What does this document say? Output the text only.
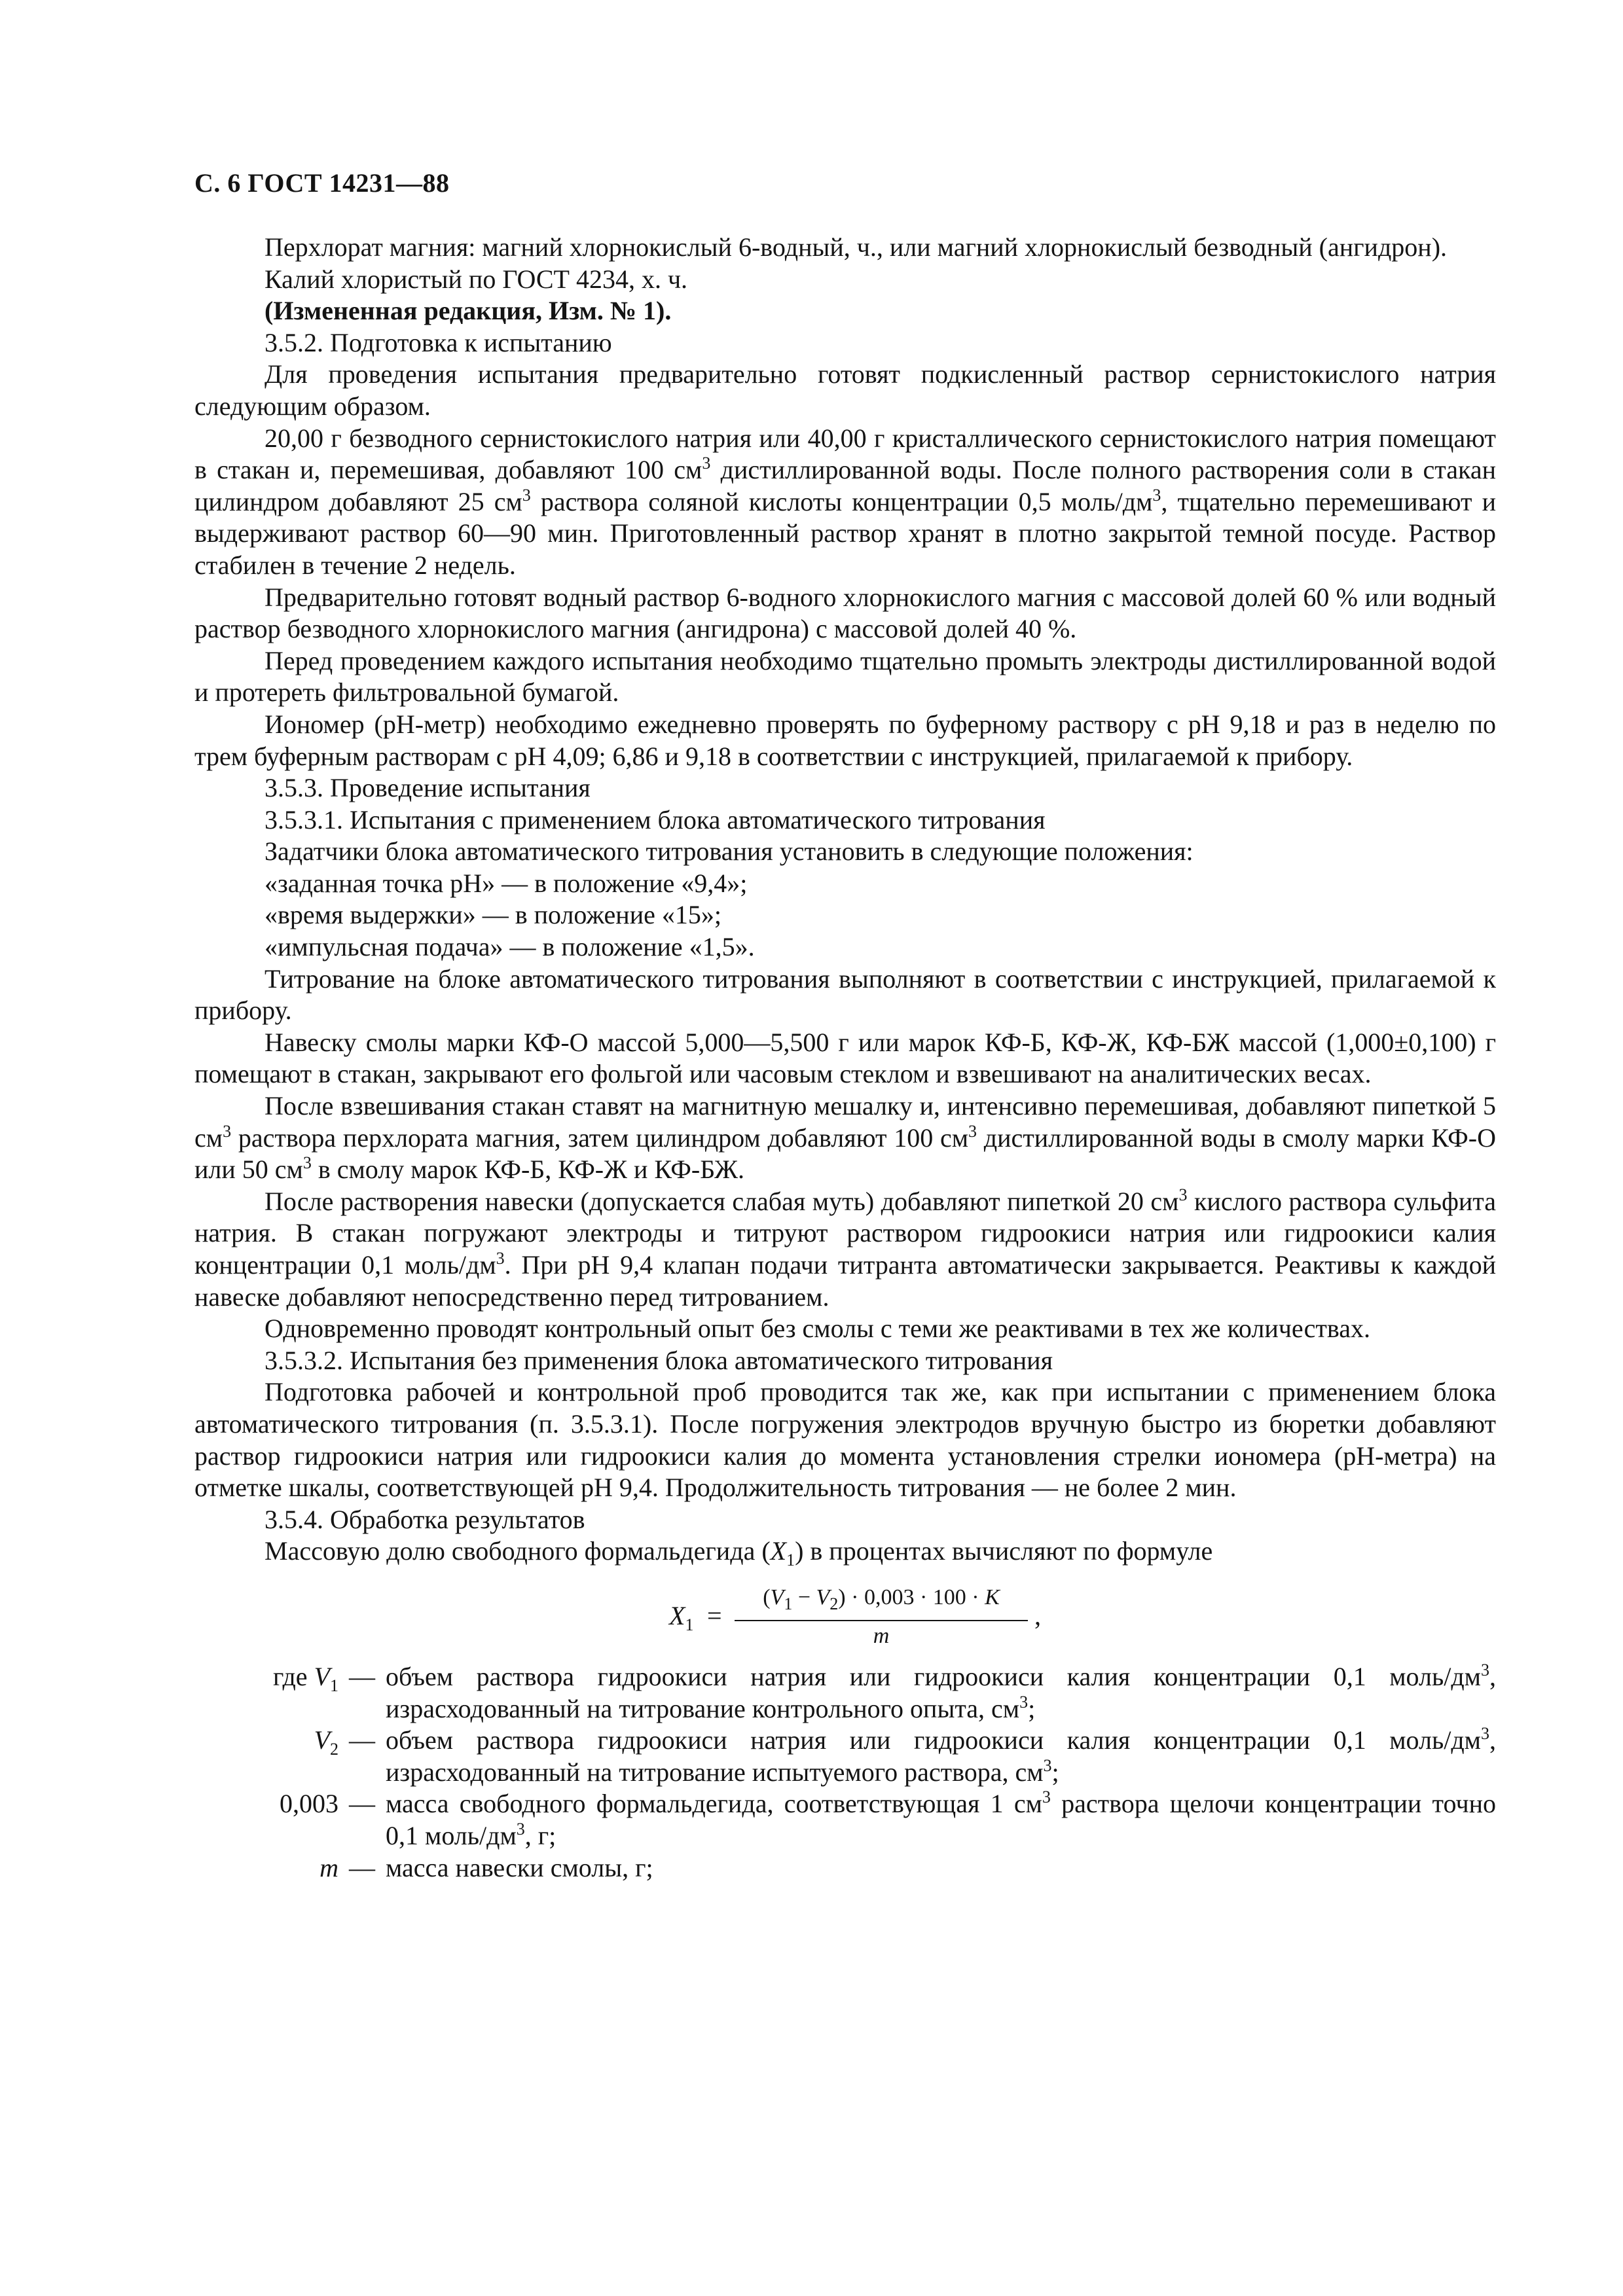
С. 6 ГОСТ 14231—88

Перхлорат магния: магний хлорнокислый 6-водный, ч., или магний хлорнокислый безводный (ангидрон).

Калий хлористый по ГОСТ 4234, х. ч.

(Измененная редакция, Изм. № 1).

3.5.2. Подготовка к испытанию

Для проведения испытания предварительно готовят подкисленный раствор сернистокислого натрия следующим образом.

20,00 г безводного сернистокислого натрия или 40,00 г кристаллического сернистокислого натрия помещают в стакан и, перемешивая, добавляют 100 $см^3$ дистиллированной воды. После полного растворения соли в стакан цилиндром добавляют 25 $см^3$ раствора соляной кислоты концентрации 0,5 моль/$дм^3$, тщательно перемешивают и выдерживают раствор 60—90 мин. Приготовленный раствор хранят в плотно закрытой темной посуде. Раствор стабилен в течение 2 недель.

Предварительно готовят водный раствор 6-водного хлорнокислого магния с массовой долей 60 % или водный раствор безводного хлорнокислого магния (ангидрона) с массовой долей 40 %.

Перед проведением каждого испытания необходимо тщательно промыть электроды дистиллированной водой и протереть фильтровальной бумагой.

Иономер (рН-метр) необходимо ежедневно проверять по буферному раствору с рН 9,18 и раз в неделю по трем буферным растворам с рН 4,09; 6,86 и 9,18 в соответствии с инструкцией, прилагаемой к прибору.

3.5.3. Проведение испытания

3.5.3.1. Испытания с применением блока автоматического титрования

Задатчики блока автоматического титрования установить в следующие положения:

«заданная точка рН» — в положение «9,4»;

«время выдержки» — в положение «15»;

«импульсная подача» — в положение «1,5».

Титрование на блоке автоматического титрования выполняют в соответствии с инструкцией, прилагаемой к прибору.

Навеску смолы марки КФ-О массой 5,000—5,500 г или марок КФ-Б, КФ-Ж, КФ-БЖ массой (1,000±0,100) г помещают в стакан, закрывают его фольгой или часовым стеклом и взвешивают на аналитических весах.

После взвешивания стакан ставят на магнитную мешалку и, интенсивно перемешивая, добавляют пипеткой 5 $см^3$ раствора перхлората магния, затем цилиндром добавляют 100 $см^3$ дистиллированной воды в смолу марки КФ-О или 50 $см^3$ в смолу марок КФ-Б, КФ-Ж и КФ-БЖ.

После растворения навески (допускается слабая муть) добавляют пипеткой 20 $см^3$ кислого раствора сульфита натрия. В стакан погружают электроды и титруют раствором гидроокиси натрия или гидроокиси калия концентрации 0,1 моль/$дм^3$. При рН 9,4 клапан подачи титранта автоматически закрывается. Реактивы к каждой навеске добавляют непосредственно перед титрованием.

Одновременно проводят контрольный опыт без смолы с теми же реактивами в тех же количествах.

3.5.3.2. Испытания без применения блока автоматического титрования

Подготовка рабочей и контрольной проб проводится так же, как при испытании с применением блока автоматического титрования (п. 3.5.3.1). После погружения электродов вручную быстро из бюретки добавляют раствор гидроокиси натрия или гидроокиси калия до момента установления стрелки иономера (рН-метра) на отметке шкалы, соответствующей рН 9,4. Продолжительность титрования — не более 2 мин.

3.5.4. Обработка результатов

Массовую долю свободного формальдегида $(X_1)$ в процентах вычисляют по формуле

$X_1$ =
$(V_1 - V_2) \cdot 0,003 \cdot 100 \cdot K$
m
,
где $V_1$ — объем раствора гидроокиси натрия или гидроокиси калия концентрации 0,1 моль/$дм^3$, израсходованный на титрование контрольного опыта, $см^3$;
$V_2$ — объем раствора гидроокиси натрия или гидроокиси калия концентрации 0,1 моль/$дм^3$, израсходованный на титрование испытуемого раствора, $см^3$;
0,003 — масса свободного формальдегида, соответствующая 1 $см^3$ раствора щелочи концентрации точно 0,1 моль/$дм^3$, г;
m — масса навески смолы, г;
